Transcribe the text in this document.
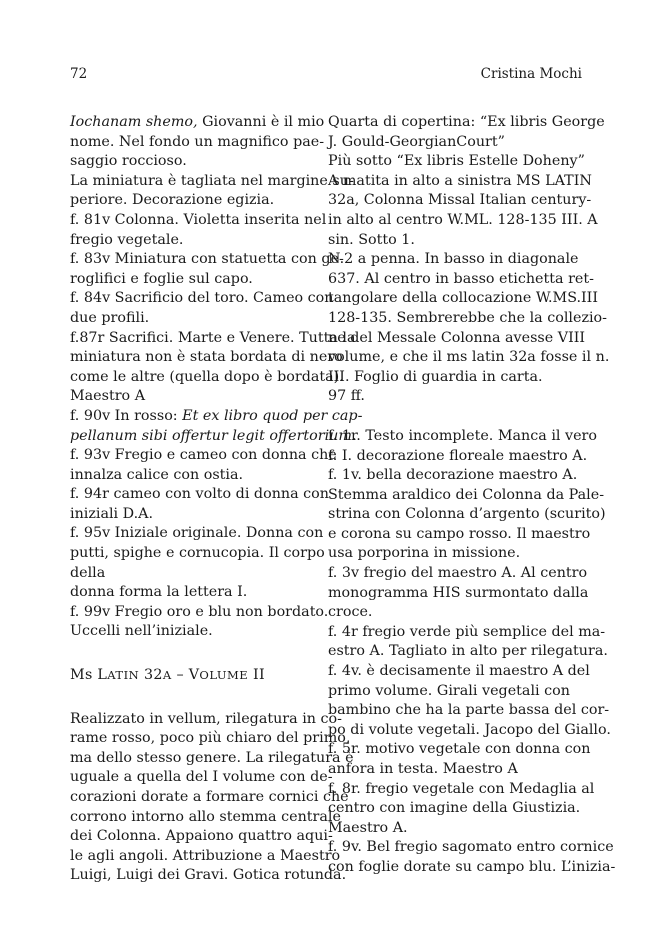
72	Cristina Mochi
Iochanam shemo, Giovanni è il mio
nome. Nel fondo un magnifico pae-
saggio roccioso.
La miniatura è tagliata nel margine su-
periore. Decorazione egizia.
f. 81v Colonna. Violetta inserita nel
fregio vegetale.
f. 83v Miniatura con statuetta con ge-
roglifici e foglie sul capo.
f. 84v Sacrificio del toro. Cameo con
due profili.
f.87r Sacrifici. Marte e Venere. Tutta la
miniatura non è stata bordata di nero
come le altre (quella dopo è bordata).
Maestro A
f. 90v In rosso: Et ex libro quod per cap-
pellanum sibi offertur legit offertorium.
f. 93v Fregio e cameo con donna che
innalza calice con ostia.
f. 94r cameo con volto di donna con
iniziali D.A.
f. 95v Iniziale originale. Donna con
putti, spighe e cornucopia. Il corpo
della
donna forma la lettera I.
f. 99v Fregio oro e blu non bordato.
Uccelli nell’iniziale.
Ms LATIN 32A – VOLUME II
Realizzato in vellum, rilegatura in co-
rame rosso, poco più chiaro del primo,
ma dello stesso genere. La rilegatura è
uguale a quella del I volume con de-
corazioni dorate a formare cornici che
corrono intorno allo stemma centrale
dei Colonna. Appaiono quattro aqui-
le agli angoli. Attribuzione a Maestro
Luigi, Luigi dei Gravi. Gotica rotunda.
Quarta di copertina: “Ex libris George
J. Gould-GeorgianCourt”
Più sotto “Ex libris Estelle Doheny”
A matita in alto a sinistra MS LATIN
32a, Colonna Missal Italian century-
in alto al centro W.ML. 128-135 III. A
sin. Sotto 1.
N.2 a penna. In basso in diagonale
637. Al centro in basso etichetta ret-
tangolare della collocazione W.MS.III
128-135. Sembrerebbe che la collezio-
ne del Messale Colonna avesse VIII
volume, e che il ms latin 32a fosse il n.
III. Foglio di guardia in carta.
97 ff.
f. 1r. Testo incomplete. Manca il vero
f. I. decorazione floreale maestro A.
f. 1v. bella decorazione maestro A.
Stemma araldico dei Colonna da Pale-
strina con Colonna d’argento (scurito)
e corona su campo rosso. Il maestro
usa porporina in missione.
f. 3v fregio del maestro A. Al centro
monogramma HIS surmontato dalla
croce.
f. 4r fregio verde più semplice del ma-
estro A. Tagliato in alto per rilegatura.
f. 4v. è decisamente il maestro A del
primo volume. Girali vegetali con
bambino che ha la parte bassa del cor-
po di volute vegetali. Jacopo del Giallo.
f. 5r. motivo vegetale con donna con
anfora in testa. Maestro A
f. 8r. fregio vegetale con Medaglia al
centro con imagine della Giustizia.
Maestro A.
f. 9v. Bel fregio sagomato entro cornice
con foglie dorate su campo blu. L’inizia-
